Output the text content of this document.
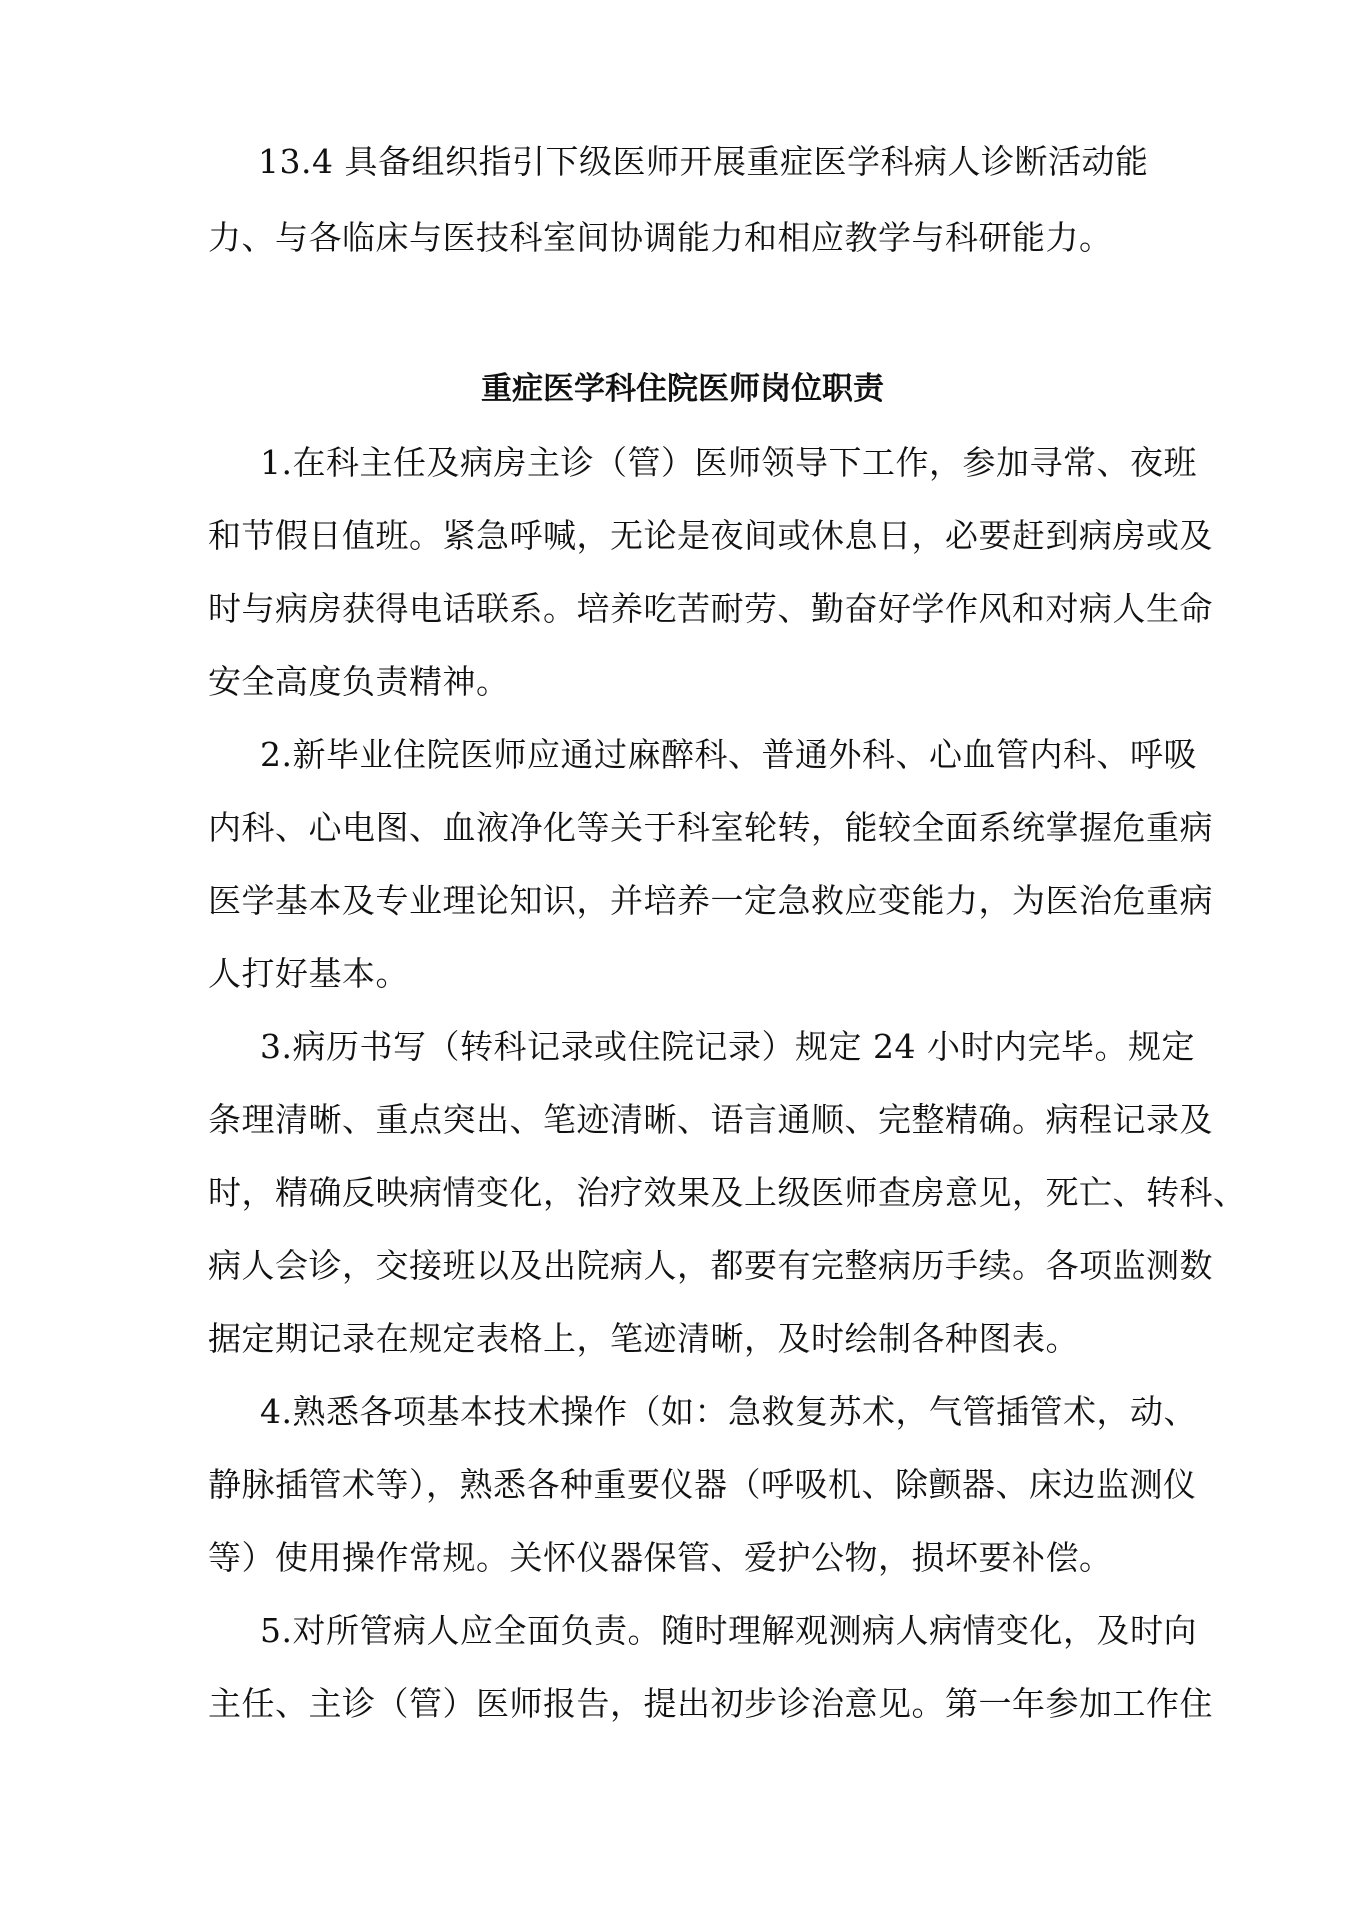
13.4 具备组织指引下级医师开展重症医学科病人诊断活动能
力、与各临床与医技科室间协调能力和相应教学与科研能力。
重症医学科住院医师岗位职责
1.在科主任及病房主诊（管）医师领导下工作，参加寻常、夜班
和节假日值班。紧急呼喊，无论是夜间或休息日，必要赶到病房或及
时与病房获得电话联系。培养吃苦耐劳、勤奋好学作风和对病人生命
安全高度负责精神。
2.新毕业住院医师应通过麻醉科、普通外科、心血管内科、呼吸
内科、心电图、血液净化等关于科室轮转，能较全面系统掌握危重病
医学基本及专业理论知识，并培养一定急救应变能力，为医治危重病
人打好基本。
3.病历书写（转科记录或住院记录）规定 24 小时内完毕。规定
条理清晰、重点突出、笔迹清晰、语言通顺、完整精确。病程记录及
时，精确反映病情变化，治疗效果及上级医师查房意见，死亡、转科、
病人会诊，交接班以及出院病人，都要有完整病历手续。各项监测数
据定期记录在规定表格上，笔迹清晰，及时绘制各种图表。
4.熟悉各项基本技术操作（如：急救复苏术，气管插管术，动、
静脉插管术等），熟悉各种重要仪器（呼吸机、除颤器、床边监测仪
等）使用操作常规。关怀仪器保管、爱护公物，损坏要补偿。
5.对所管病人应全面负责。随时理解观测病人病情变化，及时向
主任、主诊（管）医师报告，提出初步诊治意见。第一年参加工作住
